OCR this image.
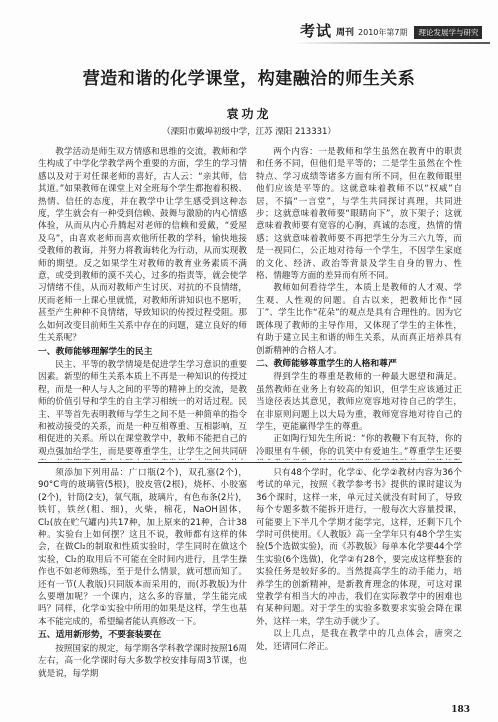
考试 周刊 2010年第7期	理论发展学与研究
营造和谐的化学课堂，构建融洽的师生关系
袁功龙
（溧阳市戴埠初级中学，江苏 溧阳 213331）

教学活动是师生双方情感和思维的交流，教师和学生构成了中学化学教学两个重要的方面，学生的学习情感以及对于对任课老师的喜好，古人云：“亲其师，信其道。”如果教师在课堂上对全班每个学生都抱着积极、热情、信任的态度，并在教学中让学生感受到这种态度，学生就会有一种受到信赖、鼓舞与激励的内心情感体验，从而从内心升腾起对老师的信赖和爱戴，“爱屋及乌”，由喜欢老师而喜欢他所任教的学科，愉快地接受教师的教诲，并努力将教诲转化为行动，从而实现教师的期望。反之如果学生对教师的教育业务素质不满意，或受到教师的漠不关心，过多的指责等，就会使学习情绪不佳，从而对教师产生讨厌、对抗的不良情绪，厌而老师一上课心里就慌，对教师所讲知识也不愿听，甚至产生种种不良情绪，导致知识的传授过程受阻。那么如何改变目前师生关系中存在的问题，建立良好的师生关系呢？

一、教师能够理解学生的民主

民主、平等的教学情境是促进学生学习意识的重要因素。新型的师生关系本质上不再是一种知识的传授过程，而是一种人与人之间的平等的精神上的交流，是教师的价值引导和学生的自主学习相统一的对话过程。民主、平等首先表明教师与学生之间不是一种简单的指令和被动接受的关系，而是一种互相尊重、互相影响，互相促进的关系。所以在课堂教学中，教师不能把自己的观点强加给学生，而是要尊重学生，让学生之间共同研

两个内容：一是教师和学生虽然在教育中的职责和任务不同，但他们是平等的；二是学生虽然在个性特点、学习成绩等诸多方面有所不同，但在教师眼里他们应该是平等的。这就意味着教师不以“权威”自居，不搞“一言堂”，与学生共同探讨真理，共同进步；这就意味着教师要“眼睛向下”，放下架子；这就意味着教师要有宽容的心胸，真诚的态度，热情的情感；这就意味着教师要不再把学生分为三六九等，而是一视同仁，公正地对待每一个学生，不因学生家庭的文化、经济、政治等背景及学生自身的智力、性格、情趣等方面的差异而有所不同。

教师如何看待学生，本质上是教师的人才观、学生观、人性观的问题。自古以来，把教师比作“园丁”、学生比作“花朵”的观点是具有合理性的。因为它既体现了教师的主导作用，又体现了学生的主体性，有助于建立民主和谐的师生关系，从而真正培养具有创新精神的合格人才。

二、教师能够尊重学生的人格和尊严

得到学生的尊重是教师的一种最大愿望和满足。虽然教师在业务上有较高的知识，但学生应该通过正当途径表达其意见，教师应宽容地对待自己的学生，在非原则问题上以大局为重，教师宽容地对待自己的学生，更能赢得学生的尊重。

正如陶行知先生所说：“你的教鞭下有瓦特，你的冷眼里有牛顿，你的讥笑中有爱迪生。”尊重学生还要

须添加下列用品：广口瓶(2个)，双孔塞(2个)，90°C弯的玻璃管(5根)，胶皮管(2根)，烧杯、小胶塞(2个)，针筒(2支)，氧气瓶，玻璃片，有色布条(2片)，铁钉，铁丝(粗、细)，火柴，棉花，NaOH固体，Cl₂(放在贮气罐内)共17种，加上原来的21种，合计38种。实验台上如何摆？这且不说，教师都有这样的体会，在做Cl₂的制取和性质实验时，学生同时在做这个实验，Cl₂的取用后不可能在全时间内进行，且学生操作也不如老师熟练，至于是什么情景，就可想而知了。还有一节(人教版)只同版本而采用的，而(苏教版)为什么要增加呢？一个课内，这么多的容量，学生能完成吗？同样，化学①实验中所用的如果是这样，学生也基本不能完成的，希望编者能认真修改一下。

五、适用新形势，不要套装要在

按照国家的规定，每学期各学科教学课时按照16周左右，高一化学课时每大多数学校安排每周3节课，也就是说，每学期

只有48个学时，化学①、化学②教材内容为36个考试的单元，按照《教学参考书》提供的课时建议为36个课时，这样一来，单元过关就没有时间了，导致每个专题多数不能拆开进行，一般每次大容量授课，可能要上下半几个学期才能学完，这样，还剩下几个学时可供使用。《人教版》高一全学年只有48个学生实验(5个选做实验)，而《苏教版》每单本化学要44个学生实验(6个选做)，化学②有28个，要完成这样整套的实验任务是较好多的。当然提高学生的动手能力，培养学生的创新精神，是新教育理念的体现，可这对课堂教学有相当大的冲击，我们在实际教学中的困难也有某种问题。对于学生的实验多数要求实验会降在课外，这样一来，学生动手就少了。

以上几点，是我在教学中的几点体会，唐突之处，还请同仁斧正。

183
